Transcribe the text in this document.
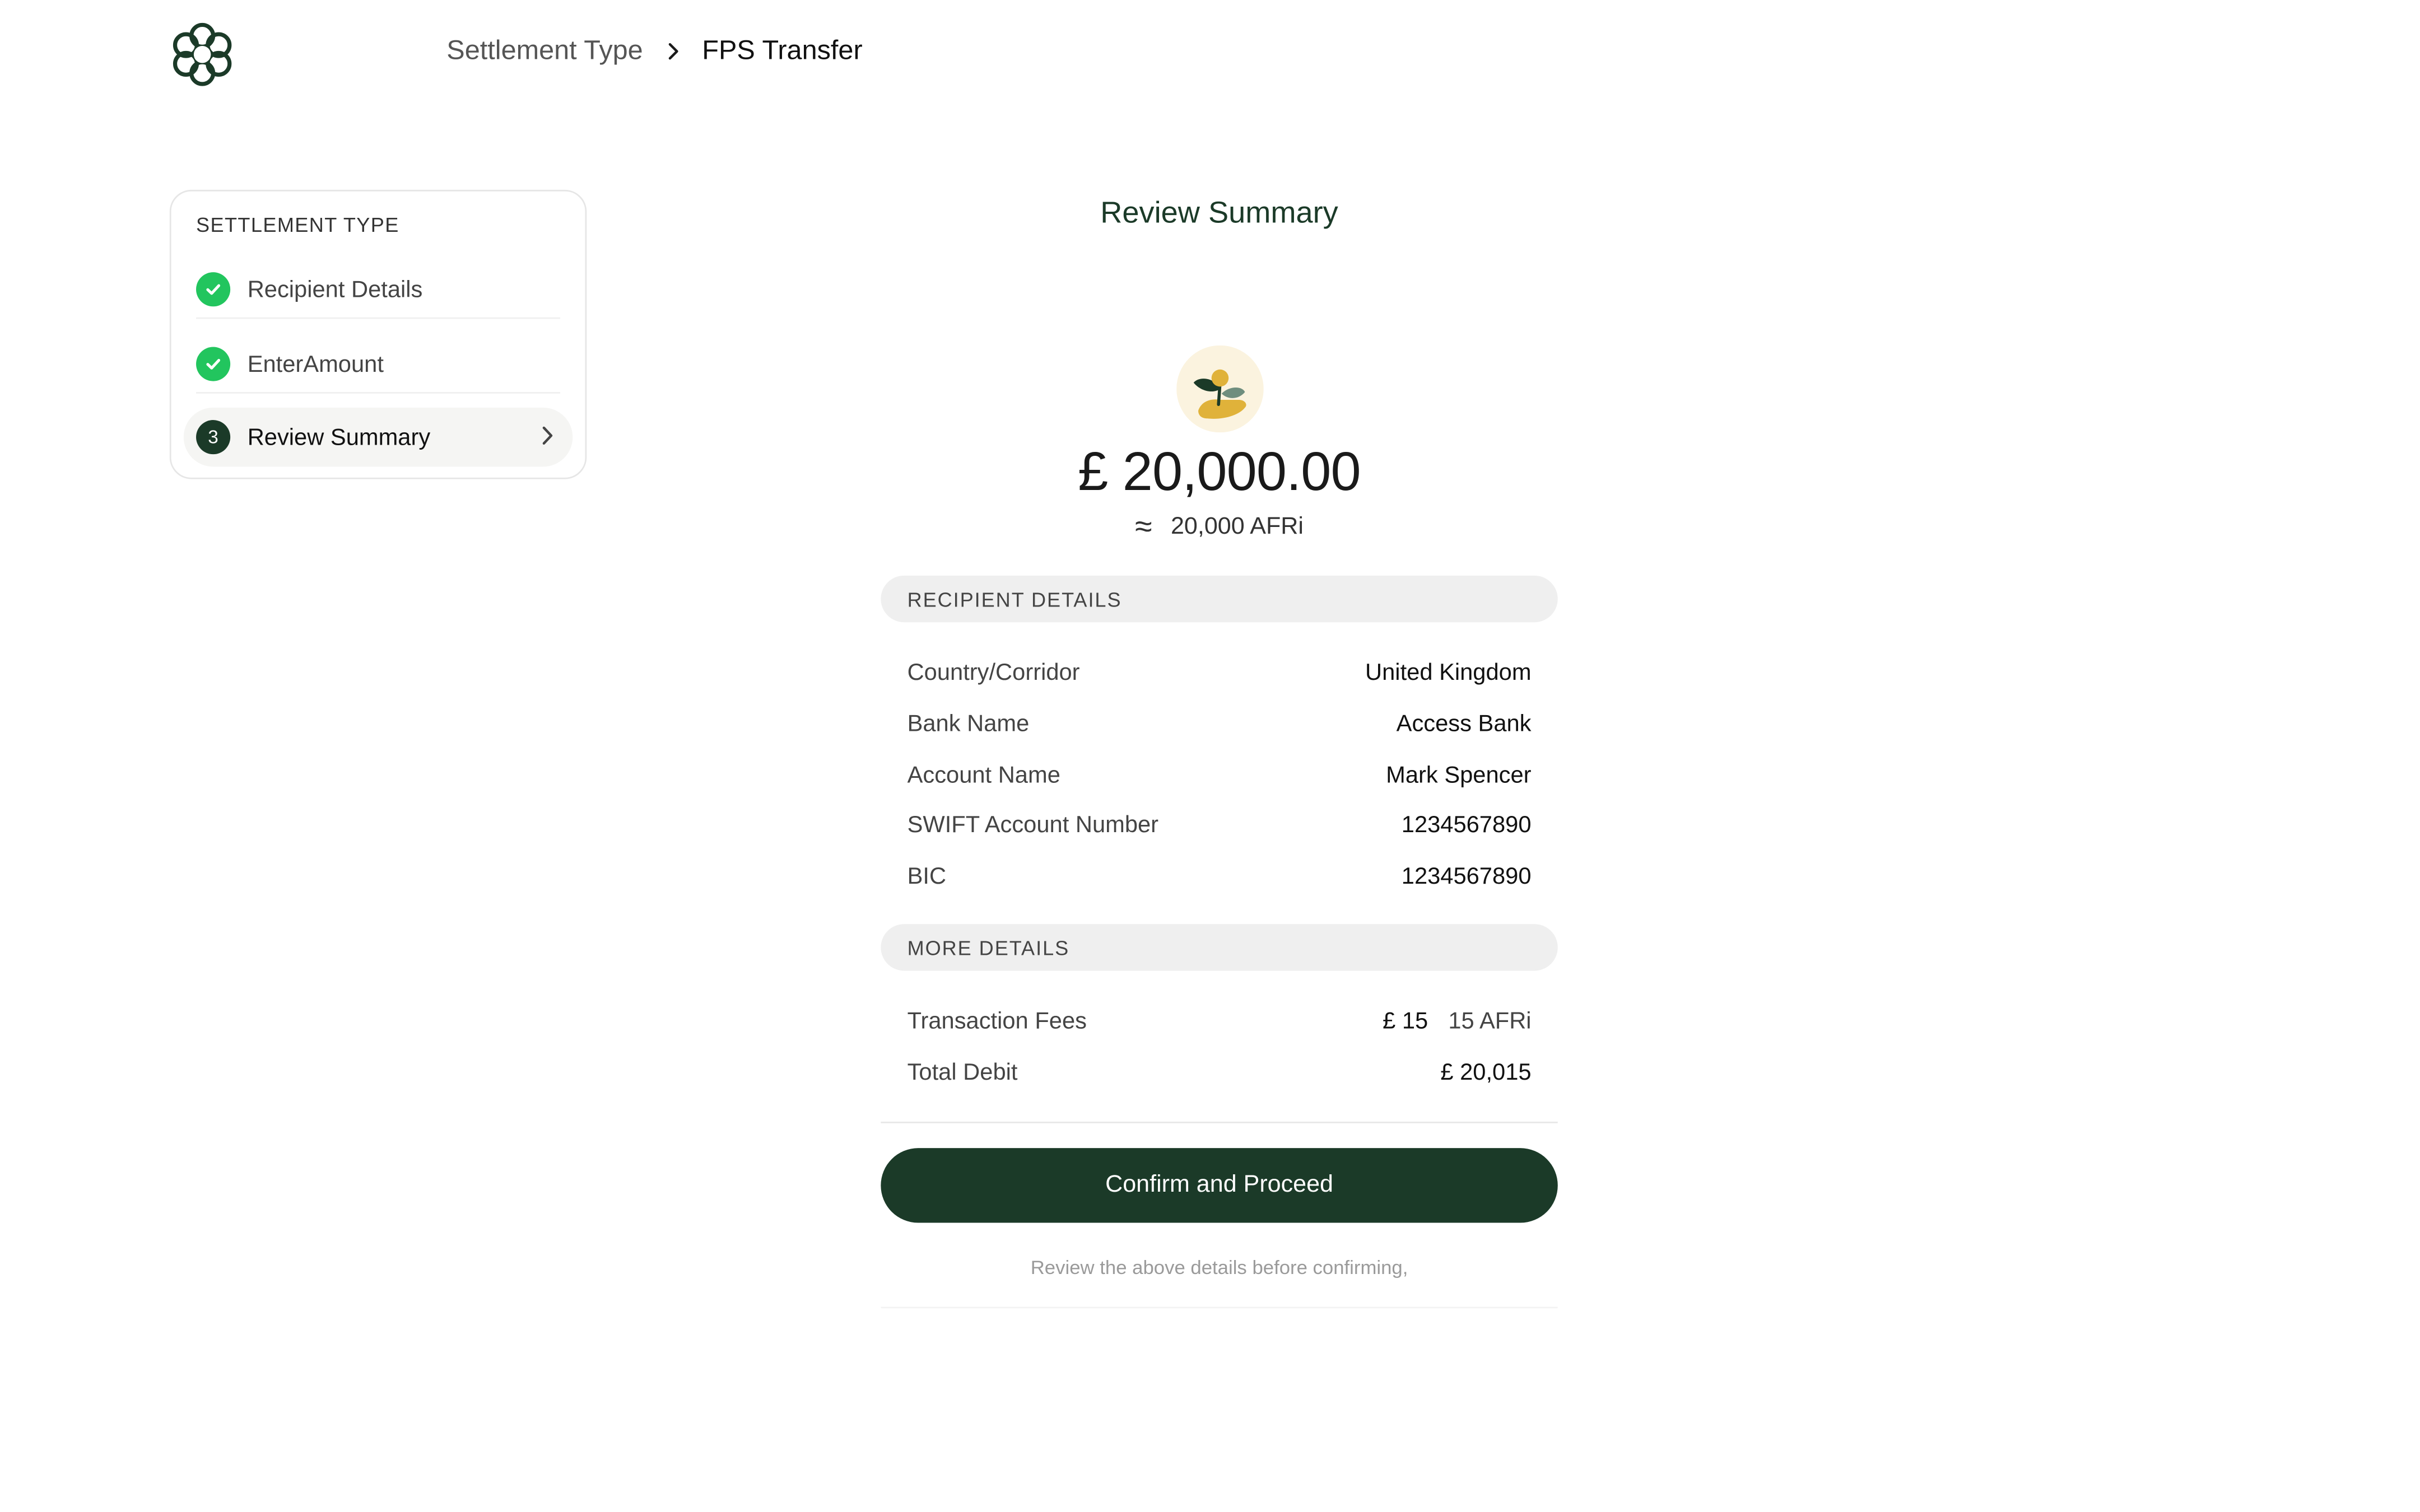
Settlement Type	FPS Transfer
SETTLEMENT TYPE
Recipient Details
EnterAmount
3	Review Summary
Review Summary
£ 20,000.00
≈ 20,000 AFRi
RECIPIENT DETAILS
Country/Corridor	United Kingdom
Bank Name	Access Bank
Account Name	Mark Spencer
SWIFT Account Number	1234567890
BIC	1234567890
MORE DETAILS
Transaction Fees	£ 15 15 AFRi
Total Debit	£ 20,015
Confirm and Proceed
Review the above details before confirming,
